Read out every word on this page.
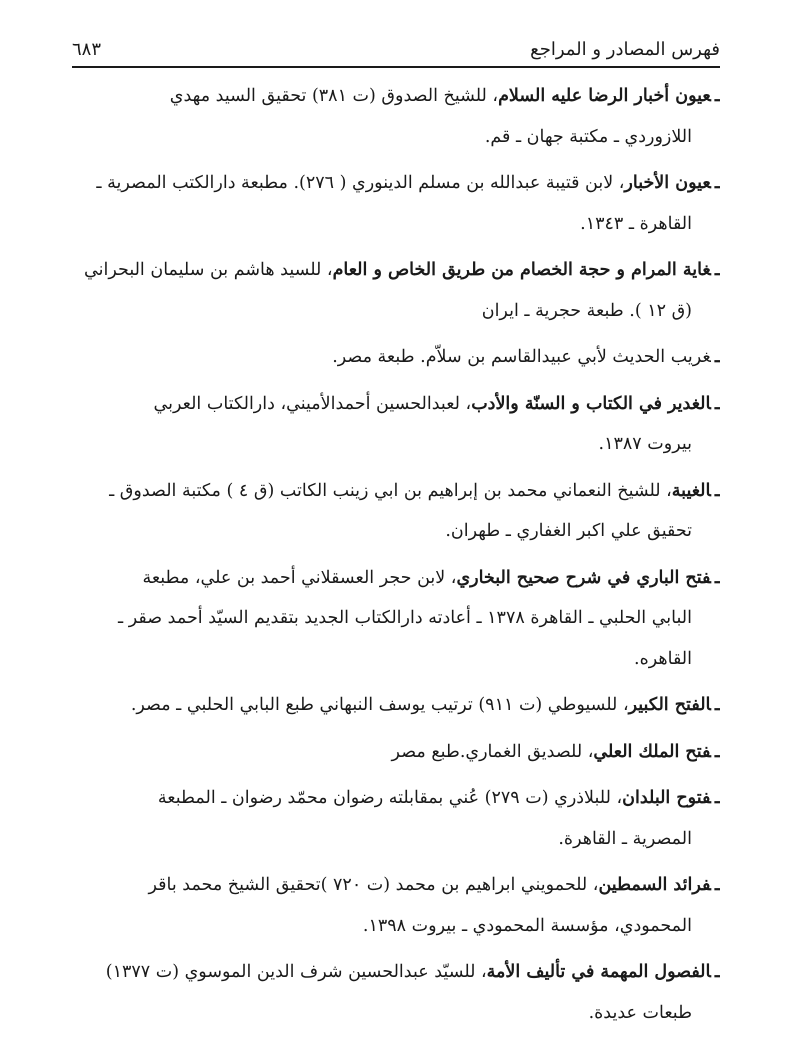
فهرس المصادر و المراجع
٦٨٣
ـعيون أخبار الرضا عليه السلام، للشيخ الصدوق (ت ٣٨١) تحقيق السيد مهدي
اللازوردي ـ مكتبة جهان ـ قم.
ـعيون الأخبار، لابن قتيبة عبدالله بن مسلم الدينوري ( ٢٧٦). مطبعة دارالكتب المصرية ـ
القاهرة ـ ١٣٤٣.
ـغاية المرام و حجة الخصام من طريق الخاص و العام، للسيد هاشم بن سليمان البحراني
(ق ١٢ ). طبعة حجرية ـ ايران
ـغريب الحديث لأبي عبيدالقاسم بن سلاّم. طبعة مصر.
ـالغدير في الكتاب و السنّة والأدب، لعبدالحسين أحمدالأميني، دارالكتاب العربي
بيروت ١٣٨٧.
ـالغيبة، للشيخ النعماني محمد بن إبراهيم بن ابي زينب الكاتب (ق ٤ ) مكتبة الصدوق ـ
تحقيق علي اكبر الغفاري ـ طهران.
ـفتح الباري في شرح صحيح البخاري، لابن حجر العسقلاني أحمد بن علي، مطبعة
البابي الحلبي ـ القاهرة ١٣٧٨ ـ أعادته دارالكتاب الجديد بتقديم السيّد أحمد صقر ـ
القاهره.
ـالفتح الكبير، للسيوطي (ت ٩١١) ترتيب يوسف النبهاني طبع البابي الحلبي ـ مصر.
ـفتح الملك العلي، للصديق الغماري.طبع مصر
ـفتوح البلدان، للبلاذري (ت ٢٧٩) عُني بمقابلته رضوان محمّد رضوان ـ المطبعة
المصرية ـ القاهرة.
ـفرائد السمطين، للحمويني ابراهيم بن محمد (ت ٧٢٠ )تحقيق الشيخ محمد باقر
المحمودي، مؤسسة المحمودي ـ بيروت ١٣٩٨.
ـالفصول المهمة في تأليف الأمة، للسيّد عبدالحسين شرف الدين الموسوي (ت ١٣٧٧)
طبعات عديدة.
